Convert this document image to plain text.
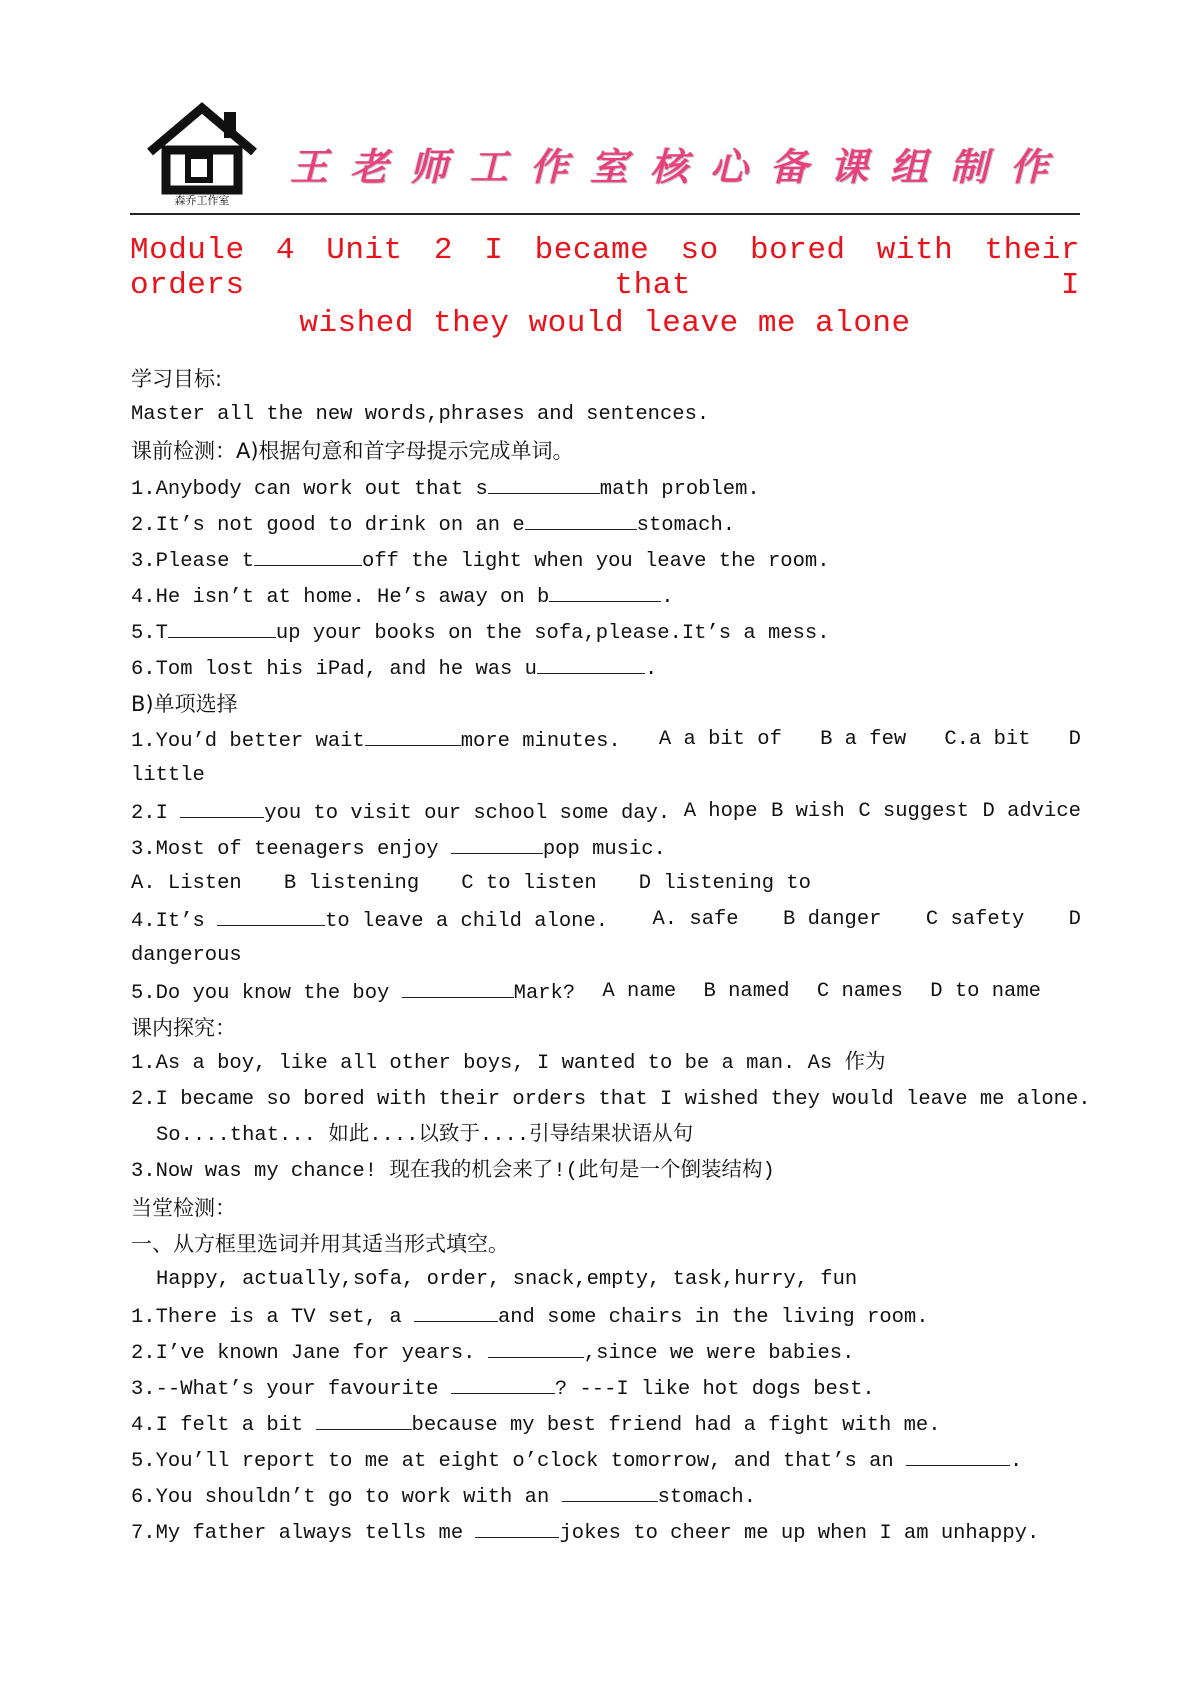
森乔工作室
王老师工作室核心备课组制作
Module 4 Unit 2 I became so bored with their orders that I
wished they would leave me alone
学习目标:
Master all the new words,phrases and sentences.
课前检测：A)根据句意和首字母提示完成单词。
1.Anybody can work out that s	math problem.
2.It’s not good to drink on an e	stomach.
3.Please t	off the light when you leave the room.
4.He isn’t at home. He’s away on b	.
5.T	up your books on the sofa,please.It’s a mess.
6.Tom lost his iPad, and he was u	.
B)单项选择
1.You’d better wait	more minutes. A a bit of B a few C.a bit D
little
2.I	you to visit our school some day. A hope B wish C suggest D advice
3.Most of teenagers enjoy	pop music.
A. Listen B listening C to listen D listening to
4.It’s	to leave a child alone. A. safe B danger C safety D
dangerous
5.Do you know the boy	Mark? A name B named C names D to name
课内探究：
1.As a boy, like all other boys, I wanted to be a man. As 作为
2.I became so bored with their orders that I wished they would leave me alone.
So....that... 如此....以致于....引导结果状语从句
3.Now was my chance! 现在我的机会来了!(此句是一个倒装结构)
当堂检测：
一、从方框里选词并用其适当形式填空。
Happy, actually,sofa, order, snack,empty, task,hurry, fun
1.There is a TV set, a	and some chairs in the living room.
2.I’ve known Jane for years.	,since we were babies.
3.--What’s your favourite	? ---I like hot dogs best.
4.I felt a bit	because my best friend had a fight with me.
5.You’ll report to me at eight o’clock tomorrow, and that’s an	.
6.You shouldn’t go to work with an	stomach.
7.My father always tells me	jokes to cheer me up when I am unhappy.
